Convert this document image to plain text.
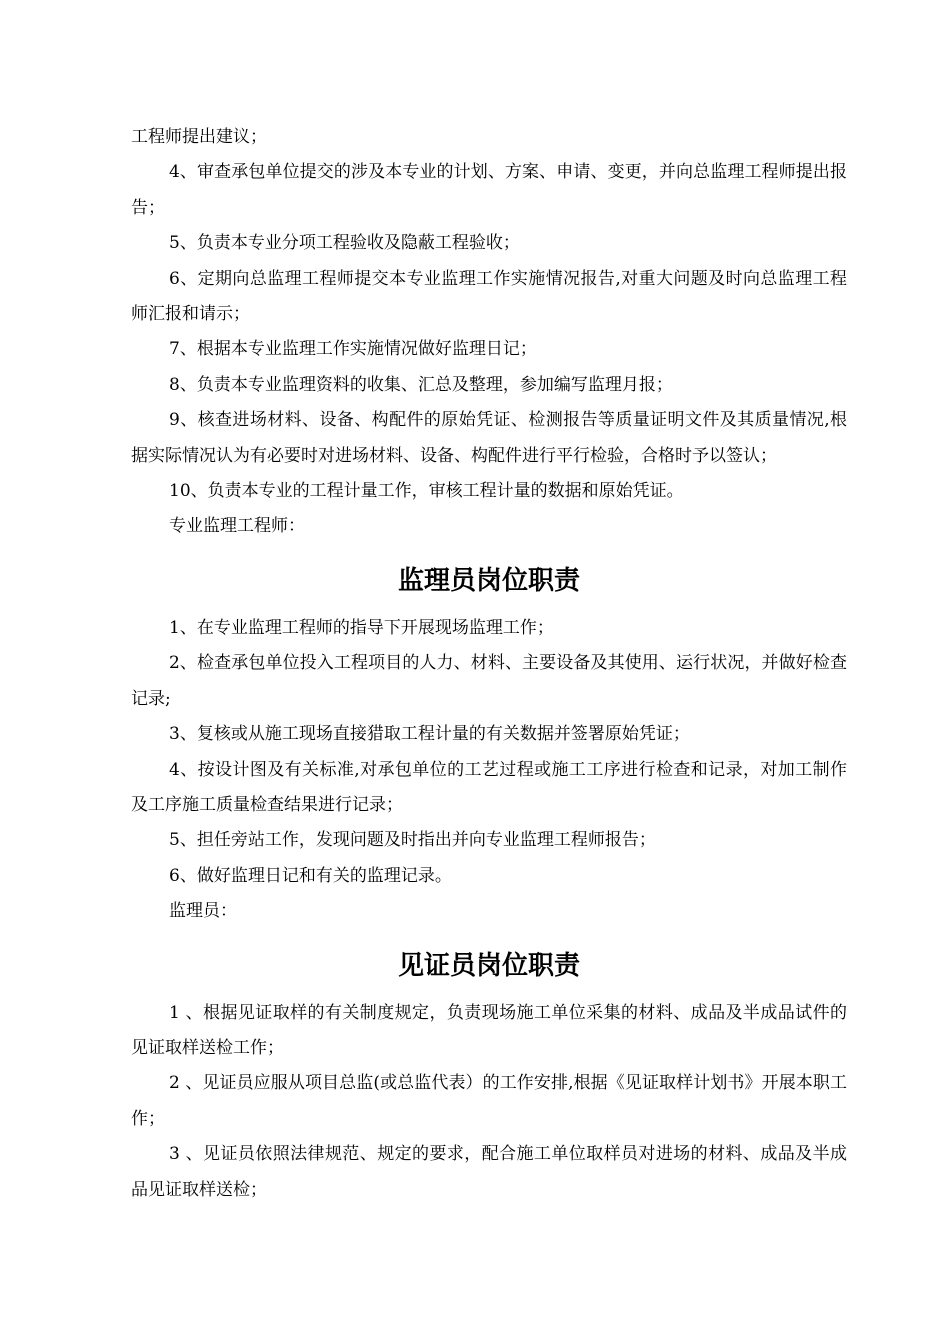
工程师提出建议；

4、审查承包单位提交的涉及本专业的计划、方案、申请、变更，并向总监理工程师提出报告；

5、负责本专业分项工程验收及隐蔽工程验收；

6、定期向总监理工程师提交本专业监理工作实施情况报告,对重大问题及时向总监理工程师汇报和请示；

7、根据本专业监理工作实施情况做好监理日记；

8、负责本专业监理资料的收集、汇总及整理，参加编写监理月报；

9、核查进场材料、设备、构配件的原始凭证、检测报告等质量证明文件及其质量情况,根据实际情况认为有必要时对进场材料、设备、构配件进行平行检验，合格时予以签认；

10、负责本专业的工程计量工作，审核工程计量的数据和原始凭证。

专业监理工程师：

监理员岗位职责

1、在专业监理工程师的指导下开展现场监理工作；

2、检查承包单位投入工程项目的人力、材料、主要设备及其使用、运行状况，并做好检查记录;

3、复核或从施工现场直接猎取工程计量的有关数据并签署原始凭证；

4、按设计图及有关标准,对承包单位的工艺过程或施工工序进行检查和记录，对加工制作及工序施工质量检查结果进行记录；

5、担任旁站工作，发现问题及时指出并向专业监理工程师报告；

6、做好监理日记和有关的监理记录。

监理员：

见证员岗位职责

1 、根据见证取样的有关制度规定，负责现场施工单位采集的材料、成品及半成品试件的见证取样送检工作；

2 、见证员应服从项目总监(或总监代表）的工作安排,根据《见证取样计划书》开展本职工作；

3 、见证员依照法律规范、规定的要求，配合施工单位取样员对进场的材料、成品及半成品见证取样送检；
